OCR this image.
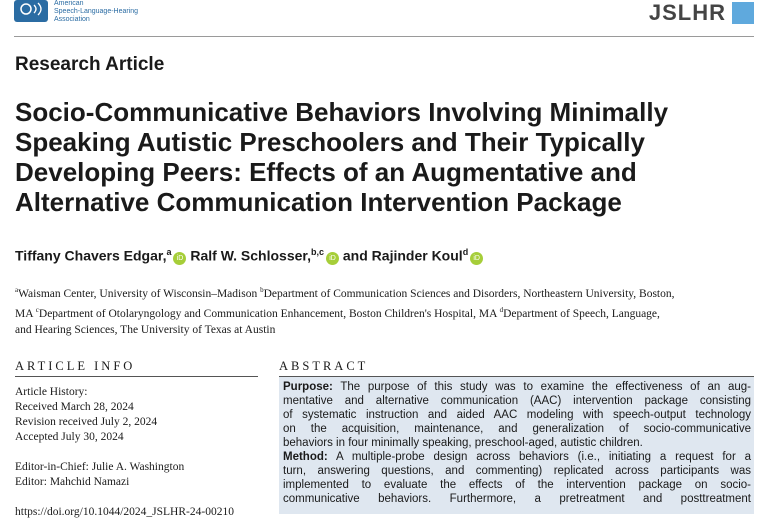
American
Speech-Language-Hearing
Association	JSLHR
Research Article
Socio-Communicative Behaviors Involving Minimally
Speaking Autistic Preschoolers and Their Typically
Developing Peers: Effects of an Augmentative and
Alternative Communication Intervention Package
Tiffany Chavers Edgar,$^a$iD Ralf W. Schlosser,$^{b,c}$iD and Rajinder Koul$^d$iD

$^a$Waisman Center, University of Wisconsin–Madison $^b$Department of Communication Sciences and Disorders, Northeastern University, Boston,
MA $^c$Department of Otolaryngology and Communication Enhancement, Boston Children's Hospital, MA $^d$Department of Speech, Language,
and Hearing Sciences, The University of Texas at Austin

ARTICLE INFO
Article History:
Received March 28, 2024
Revision received July 2, 2024
Accepted July 30, 2024
Editor-in-Chief: Julie A. Washington
Editor: Mahchid Namazi
https://doi.org/10.1044/2024_JSLHR-24-00210
ABSTRACT

Purpose: The purpose of this study was to examine the effectiveness of an aug-
mentative and alternative communication (AAC) intervention package consisting
of systematic instruction and aided AAC modeling with speech-output technology
on the acquisition, maintenance, and generalization of socio-communicative
behaviors in four minimally speaking, preschool-aged, autistic children.
Method: A multiple-probe design across behaviors (i.e., initiating a request for a
turn, answering questions, and commenting) replicated across participants was
implemented to evaluate the effects of the intervention package on socio-
communicative behaviors. Furthermore, a pretreatment and posttreatment
